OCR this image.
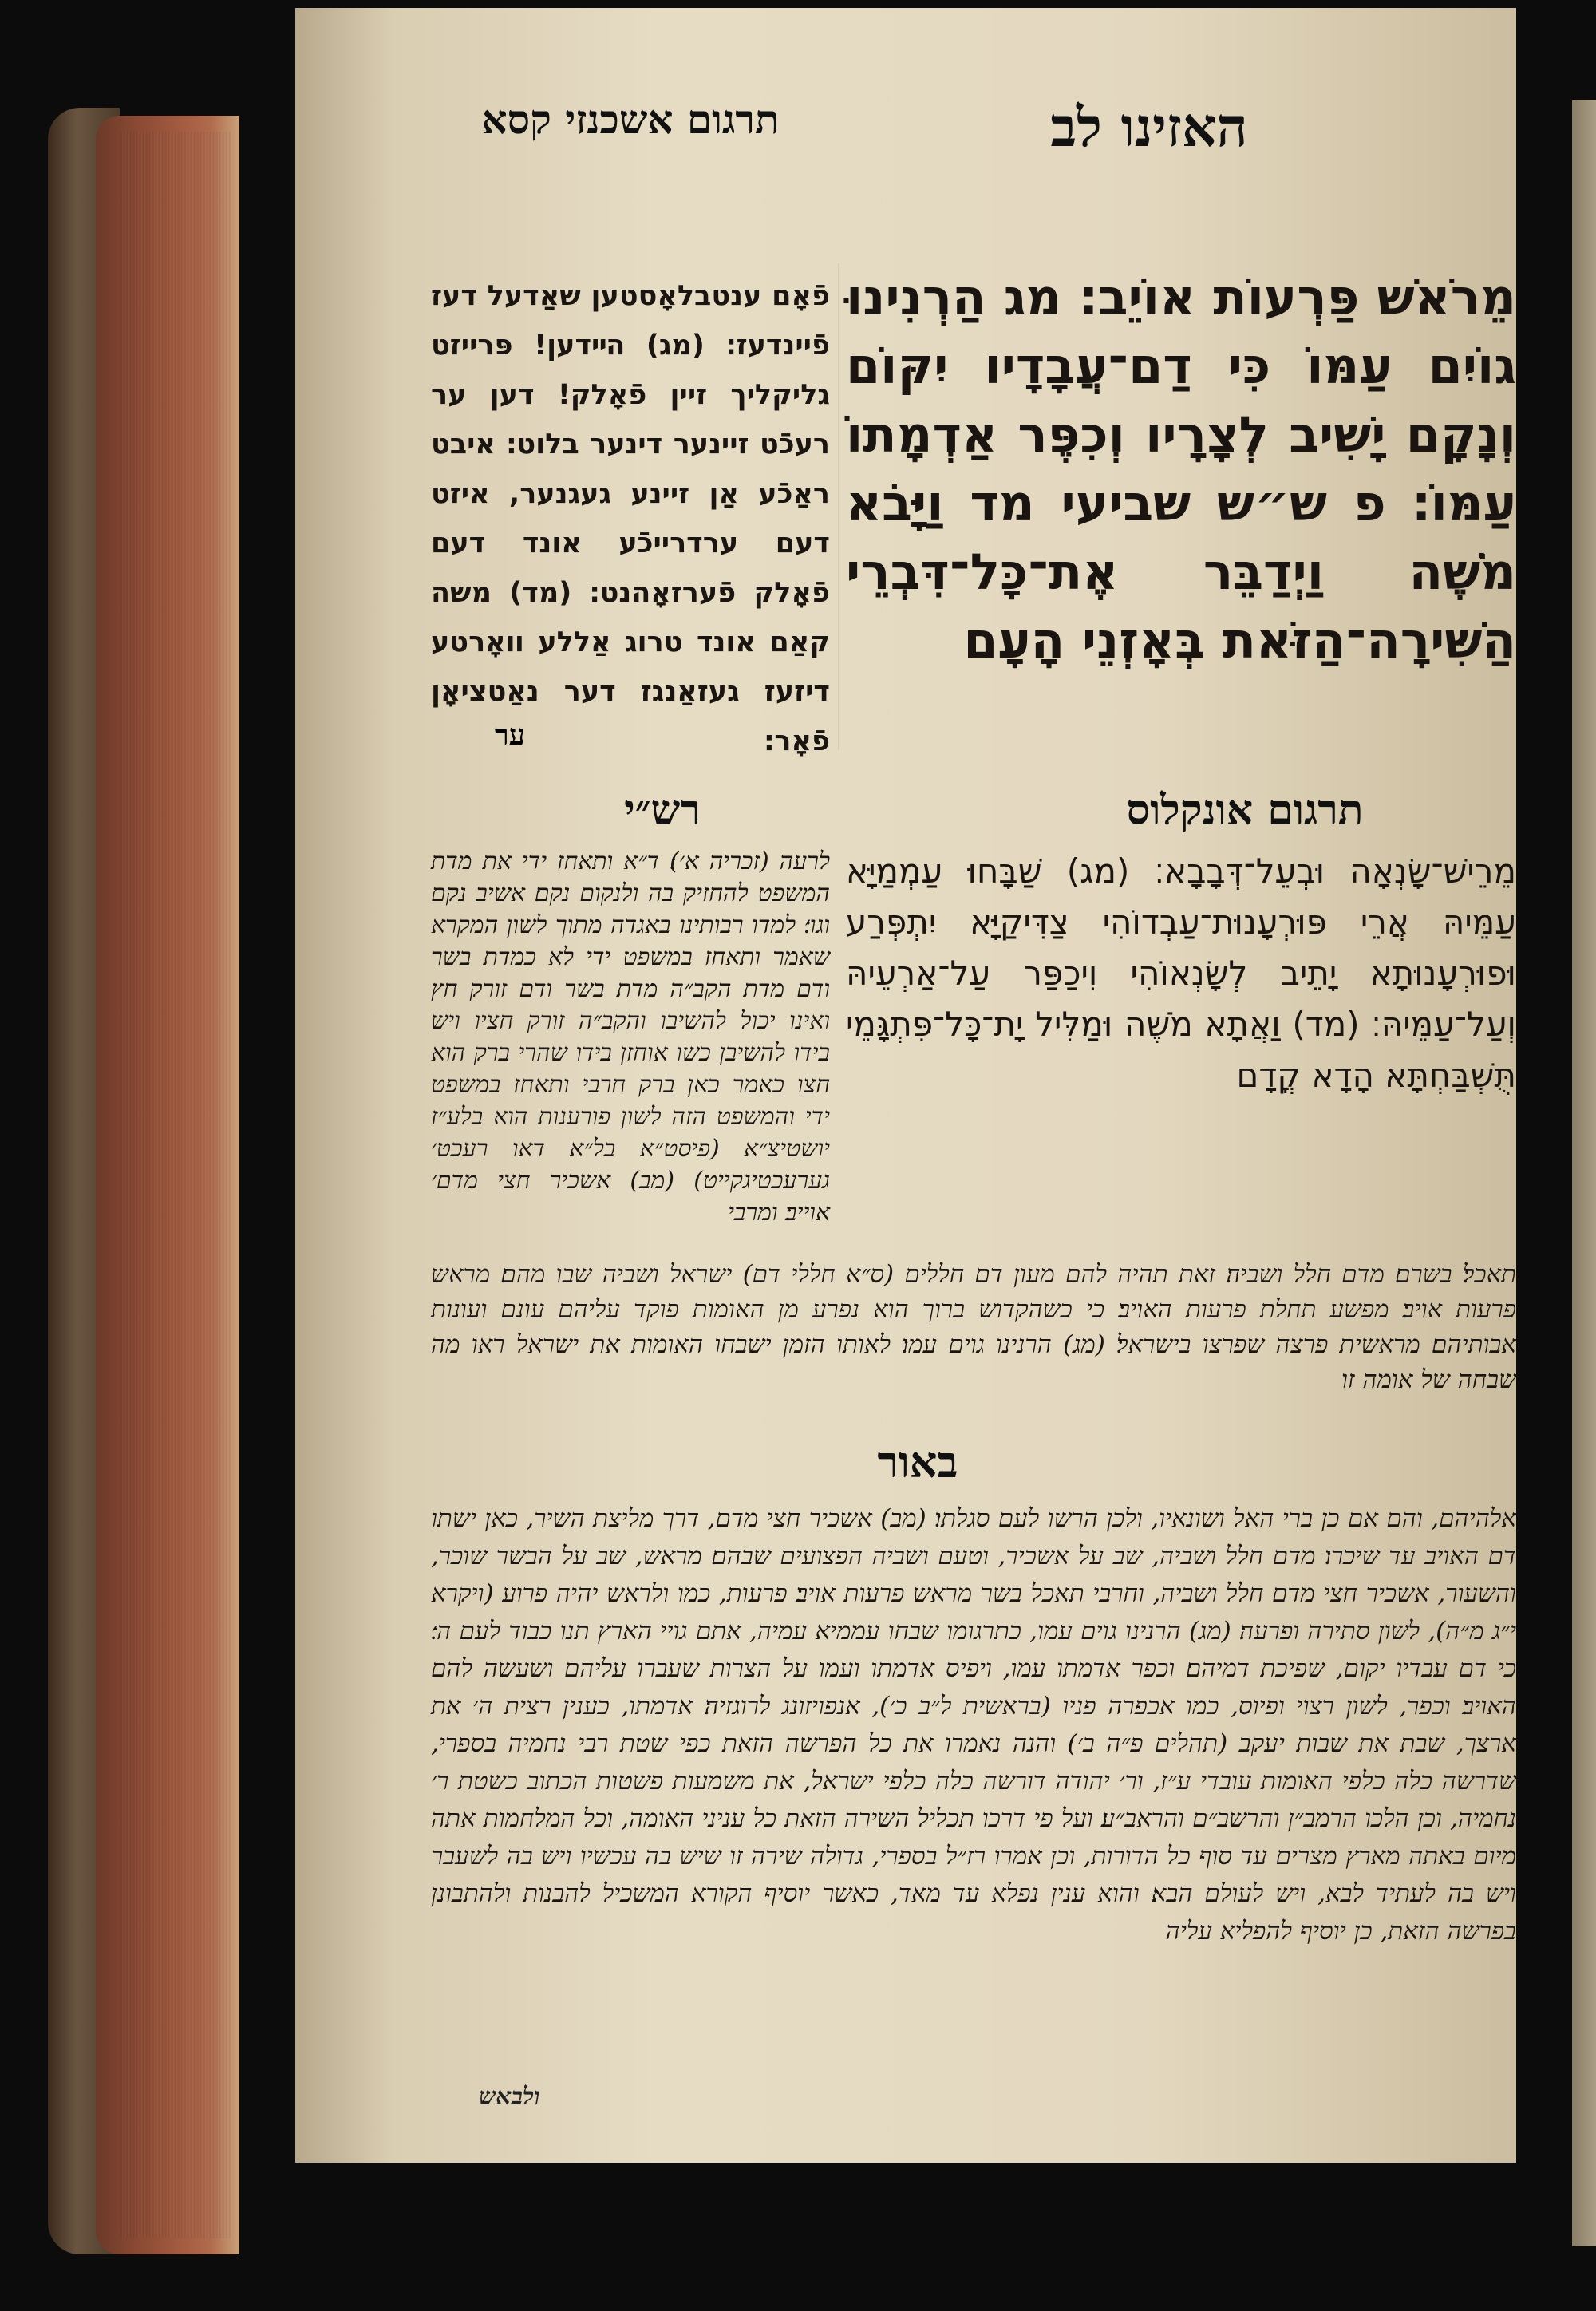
האזינו לב
תרגום אשכנזי קסא
מֵרֹאשׁ פַּרְעוֹת אוֹיֵב׃ מג הַרְנִינוּ גוֹיִם עַמּוֹ כִּי דַם־עֲבָדָיו יִקּוֹם וְנָקָם יָשִׁיב לְצָרָיו וְכִפֶּר אַדְמָתוֹ עַמּוֹ׃ פ ש״ש שביעי מד וַיָּבֹא מֹשֶׁה וַיְדַבֵּר אֶת־כָּל־דִּבְרֵי הַשִּׁירָה־הַזֹּאת בְּאָזְנֵי הָעָם
פֿאָם ענטבלאָסטען שאַדעל דעז פֿיינדעז׃ (מג) הײדען! פּרייזט גליקליך זיין פֿאָלק! דען ער רעכֿט זיינער דינער בלוט׃ איבט ראַכֿע אַן זיינע געגנער, איזט דעם ערדרייכֿע אונד דעם פֿאָלק פֿערזאָהנט׃ (מד) משה קאַם אונד טרוג אַללע װאָרטע דיזעז געזאַנגז דער נאַטציאָן פֿאָר׃
ער
תרגום אונקלוס
רש״י
מֵרֵישׁ־שָׂנְאָה וּבְעֵל־דְּבָבָא׃ (מג) שַׁבָּחוּ עַמְמַיָּא עַמֵּיהּ אֲרֵי פּוּרְעָנוּת־עַבְדוֹהִי צַדִּיקַיָּא יִתְפְּרַע וּפוּרְעָנוּתָא יָתֵיב לְשָׂנְאוֹהִי וִיכַפַּר עַל־אַרְעֵיהּ וְעַל־עַמֵּיהּ׃ (מד) וַאֲתָא מֹשֶׁה וּמַלִּיל יָת־כָּל־פִּתְגָּמֵי תֻּשְׁבַּחְתָּא הָדָא קֳדָם
לרעה (זכריה א׳)׃ ד״א ותאחז ידי את מדת המשפט להחזיק בה ולנקום נקם׃ אשיב נקם וגו׳׃ למדו רבותינו באגדה מתוך לשון המקרא שאמר ותאחז במשפט ידי לא כמדת בשר ודם מדת הקב״ה מדת בשר ודם זורק חץ ואינו יכול להשיבו והקב״ה זורק חציו ויש בידו להשיבן כשו אוחזן בידו שהרי ברק הוא חצו כאמר כאן ברק חרבי ותאחז במשפט ידי והמשפט הזה לשון פורענות הוא בלע״ז יושטיצ״א (פיסט״א בל״א דאו רעכט׳ גערעכטיגקייט) (מב) אשכיר חצי מדם׳ אוייב׃ ומרבי
תאכל׃ בשרם׃ מדם חלל ושביה׃ זאת תהיה להם מעון דם חללים (ס״א חללי דם) ישראל ושביה שבו מהם׃ מראש פרעות אויב׃ מפשע תחלת פרעות האויב׃ כי כשהקדוש ברוך הוא נפרע מן האומות פוקד עליהם עונם ועונות אבותיהם׃ מראשית פרצה שפרצו בישראל׃ (מג) הרנינו גוים עמו׃ לאותו הזמן ישבחו האומות את ישראל ראו מה שבחה של אומה זו
באור
אלהיהם, והם אם כן ברי האל ושונאיו, ולכן הרשו לעם סגלתו׃ (מב) אשכיר חצי מדם, דרך מליצת השיר, כאן ישתו דם האויב עד שיכרו׃ מדם חלל ושביה, שב על אשכיר, וטעם ושביה הפצועים שבהם׃ מראש, שב על הבשר שוכר, והשעור, אשכיר חצי מדם חלל ושביה, וחרבי תאכל בשר מראש פרעות אויב׃ פרעות, כמו ולראש יהיה פרוע (ויקרא י״ג מ״ה), לשון סתירה ופרעה׃ (מג) הרנינו גוים עמו, כתרגומו שבחו עממיא עמיה, אתם גויי הארץ תנו כבוד לעם ה׳׃ כי דם עבדיו יקום, שפיכת דמיהם׃ וכפר אדמתו עמו, ויפיס אדמתו ועמו על הצרות שעברו עליהם ושעשה להם האויב׃ וכפר, לשון רצוי ופיוס, כמו אכפרה פניו (בראשית ל״ב כ׳), אנפויזונג לרוגזיה׃ אדמתו, כענין רצית ה׳ את ארצך, שבת את שבות יעקב (תהלים פ״ה ב׳)׃ והנה נאמרו את כל הפרשה הזאת כפי שטת רבי נחמיה בספרי, שדרשה כלה כלפי האומות עובדי ע״ז, ור׳ יהודה דורשה כלה כלפי ישראל, את משמעות פשטות הכתוב כשטת ר׳ נחמיה, וכן הלכו הרמב״ן והרשב״ם והראב״ע׃ ועל פי דרכו תכליל השירה הזאת כל עניני האומה, וכל המלחמות אתה מיום באתה מארץ מצרים עד סוף כל הדורות, וכן אמרו רז״ל בספרי, גדולה שירה זו שיש בה עכשיו ויש בה לשעבר ויש בה לעתיד לבא, ויש לעולם הבא׃ והוא ענין נפלא עד מאד, כאשר יוסיף הקורא המשכיל להבנות ולהתבונן בפרשה הזאת, כן יוסיף להפליא עליה
ולבאש
